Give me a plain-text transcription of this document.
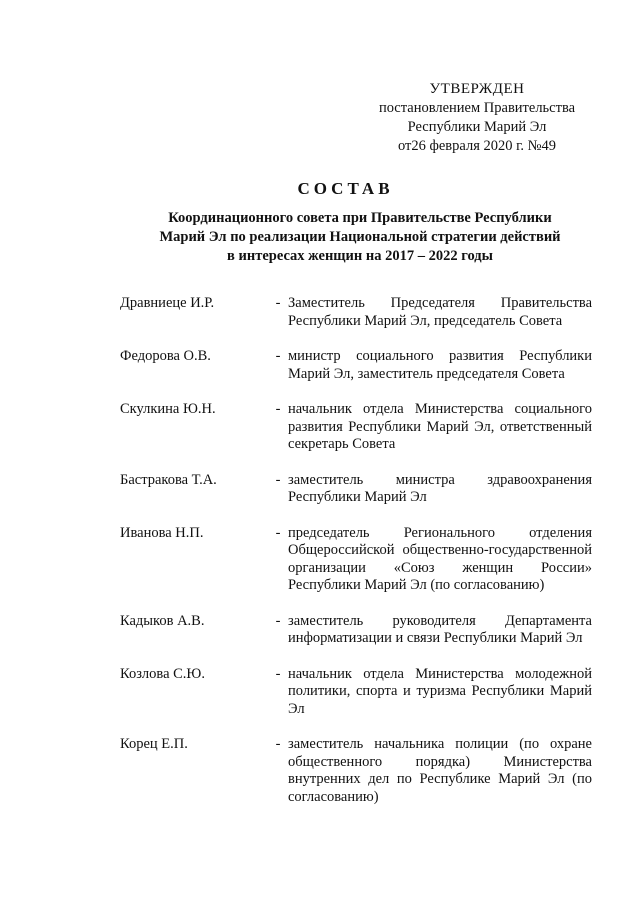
УТВЕРЖДЕН
постановлением Правительства
Республики Марий Эл
от26 февраля 2020 г. №49
СОСТАВ
Координационного совета при Правительстве Республики
Марий Эл по реализации Национальной стратегии действий
в интересах женщин на 2017 – 2022 годы
Дравниеце И.Р.	- Заместитель Председателя Правительства Республики Марий Эл, председатель Совета
Федорова О.В.	- министр социального развития Республики Марий Эл, заместитель председателя Совета
Скулкина Ю.Н.	- начальник отдела Министерства социального развития Республики Марий Эл, ответственный секретарь Совета
Бастракова Т.А.	- заместитель министра здравоохранения Республики Марий Эл
Иванова Н.П.	- председатель Регионального отделения Общероссийской общественно-государственной организации «Союз женщин России» Республики Марий Эл (по согласованию)
Кадыков А.В.	- заместитель руководителя Департамента информатизации и связи Республики Марий Эл
Козлова С.Ю.	- начальник отдела Министерства молодежной политики, спорта и туризма Республики Марий Эл
Корец Е.П.	- заместитель начальника полиции (по охране общественного порядка) Министерства внутренних дел по Республике Марий Эл (по согласованию)
